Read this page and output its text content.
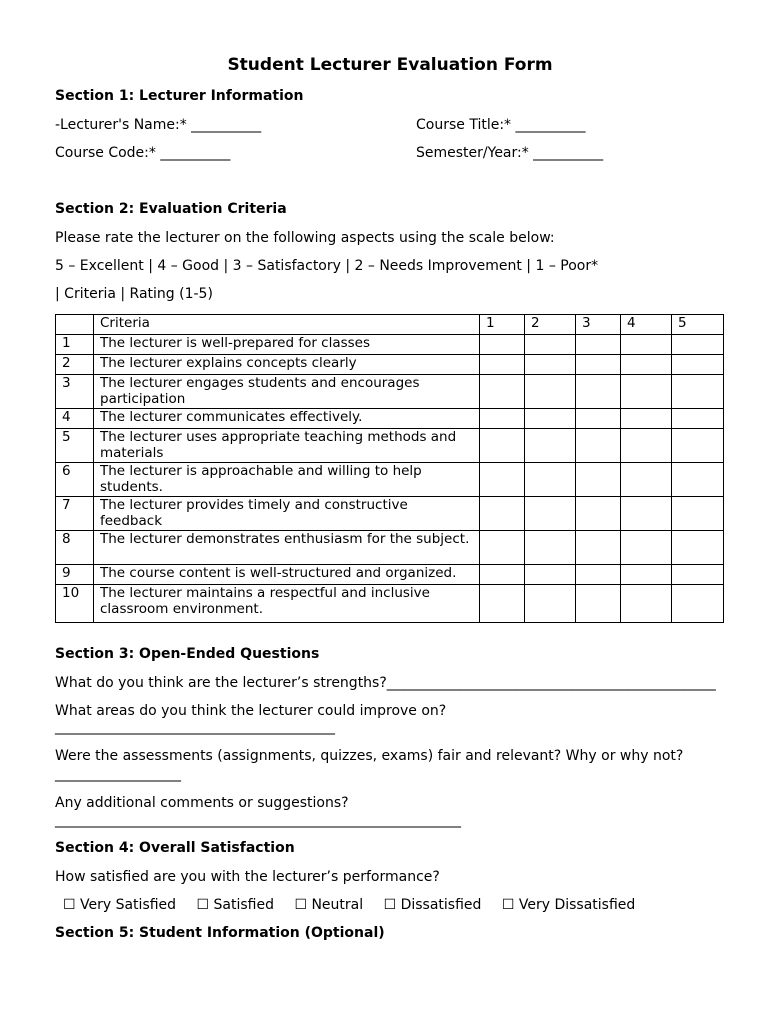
Student Lecturer Evaluation Form
Section 1: Lecturer Information
-Lecturer's Name:* __________	Course Title:* __________
Course Code:* __________	Semester/Year:* __________
Section 2: Evaluation Criteria
Please rate the lecturer on the following aspects using the scale below:
5 – Excellent | 4 – Good | 3 – Satisfactory | 2 – Needs Improvement | 1 – Poor*
| Criteria | Rating (1-5)
	Criteria	1	2	3	4	5
1	The lecturer is well-prepared for classes					
2	The lecturer explains concepts clearly					
3	The lecturer engages students and encourages participation					
4	The lecturer communicates effectively.					
5	The lecturer uses appropriate teaching methods and materials					
6	The lecturer is approachable and willing to help students.					
7	The lecturer provides timely and constructive feedback					
8	The lecturer demonstrates enthusiasm for the subject.					
9	The course content is well-structured and organized.					
10	The lecturer maintains a respectful and inclusive classroom environment.					
Section 3: Open-Ended Questions
What do you think are the lecturer’s strengths?_______________________________________________
What areas do you think the lecturer could improve on?
________________________________________
Were the assessments (assignments, quizzes, exams) fair and relevant? Why or why not?
__________________
Any additional comments or suggestions?
__________________________________________________________
Section 4: Overall Satisfaction
How satisfied are you with the lecturer’s performance?
☐ Very Satisfied ☐ Satisfied ☐ Neutral ☐ Dissatisfied ☐ Very Dissatisfied
Section 5: Student Information (Optional)
